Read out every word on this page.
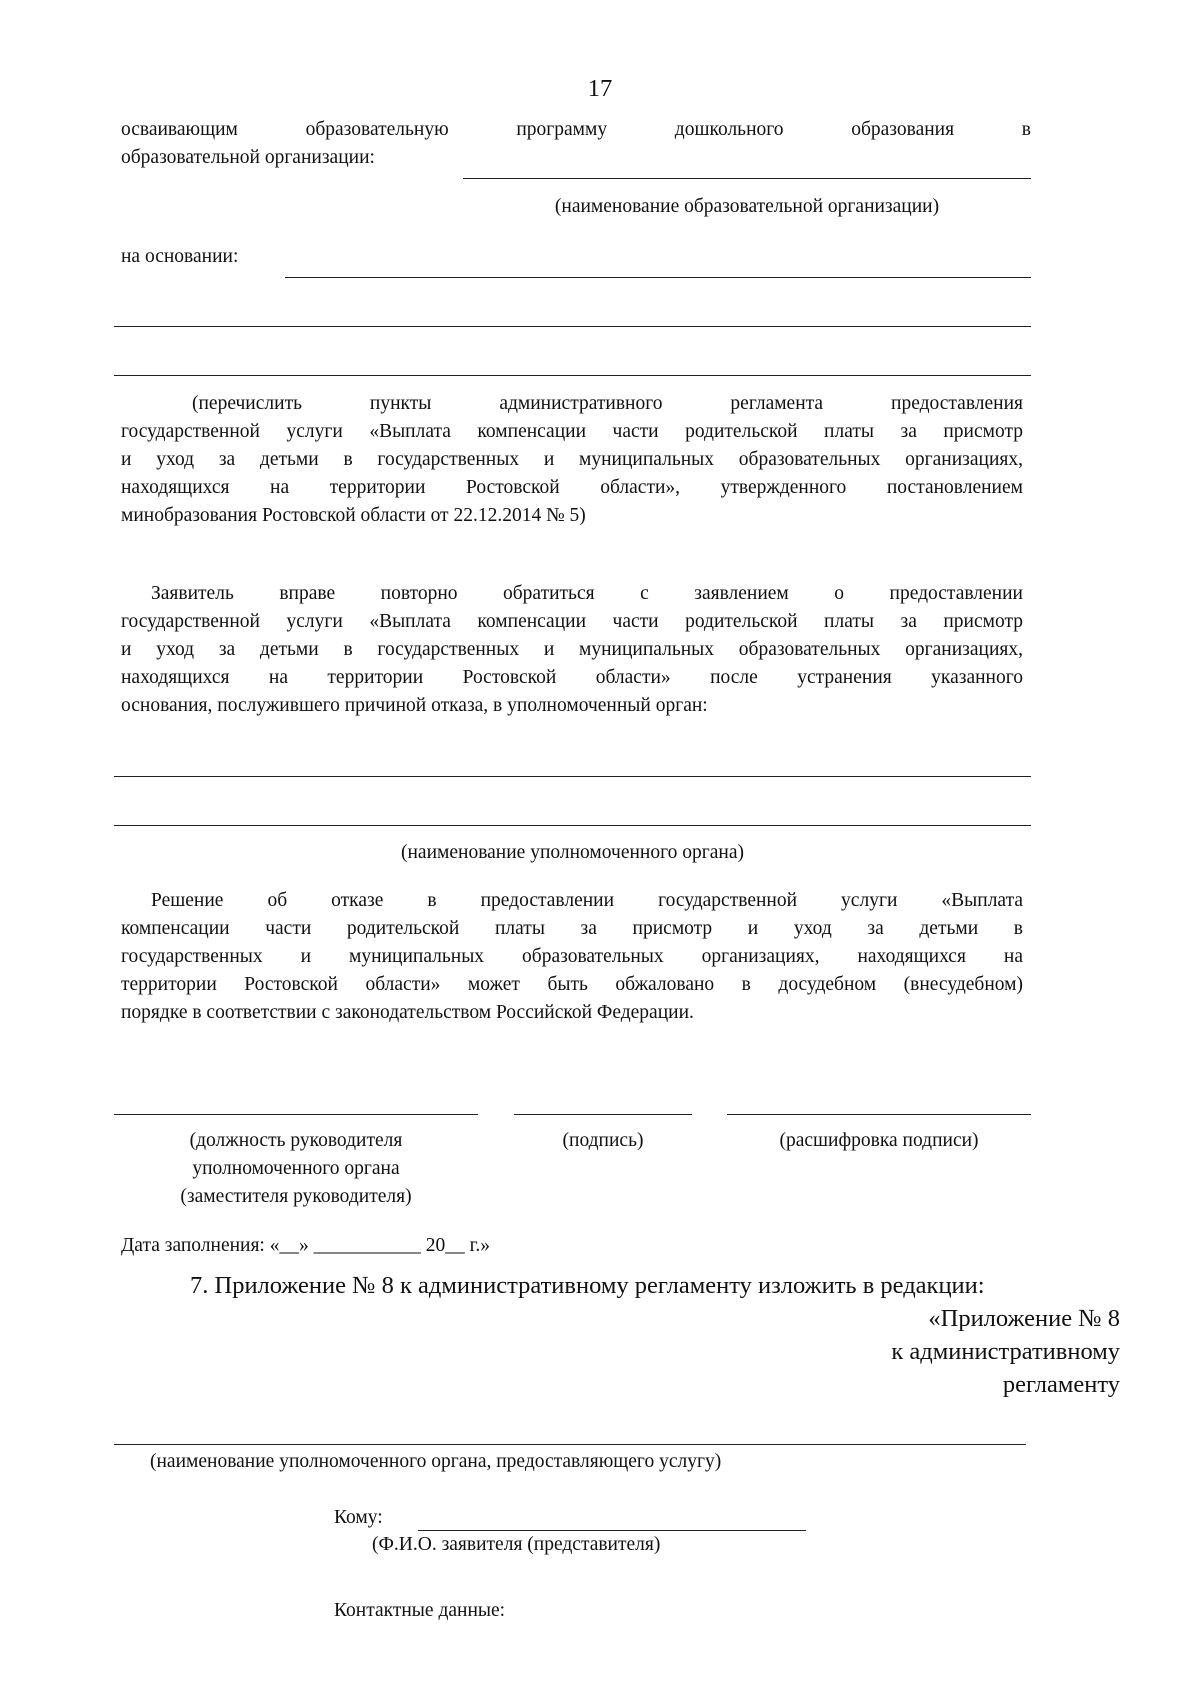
17
осваивающим	образовательную	программу	дошкольного	образования	в
образовательной организации:
(наименование образовательной организации)
на основании:
(перечислить пункты административного регламента предоставления
государственной услуги «Выплата компенсации части родительской платы за присмотр
и уход за детьми в государственных и муниципальных образовательных организациях,
находящихся на территории Ростовской области», утвержденного постановлением
минобразования Ростовской области от 22.12.2014 № 5)
Заявитель вправе повторно обратиться с заявлением о предоставлении
государственной услуги «Выплата компенсации части родительской платы за присмотр
и уход за детьми в государственных и муниципальных образовательных организациях,
находящихся на территории Ростовской области» после устранения указанного
основания, послужившего причиной отказа, в уполномоченный орган:
(наименование уполномоченного органа)
Решение об отказе в предоставлении государственной услуги «Выплата
компенсации части родительской платы за присмотр и уход за детьми в
государственных и муниципальных образовательных организациях, находящихся на
территории Ростовской области» может быть обжаловано в досудебном (внесудебном)
порядке в соответствии с законодательством Российской Федерации.
(должность руководителя
уполномоченного органа
(заместителя руководителя)
(подпись)	(расшифровка подписи)
Дата заполнения: «__» ___________ 20__ г.»
7. Приложение № 8 к административному регламенту изложить в редакции:
«Приложение № 8
к административному
регламенту
(наименование уполномоченного органа, предоставляющего услугу)
Кому:
(Ф.И.О. заявителя (представителя)
Контактные данные:
